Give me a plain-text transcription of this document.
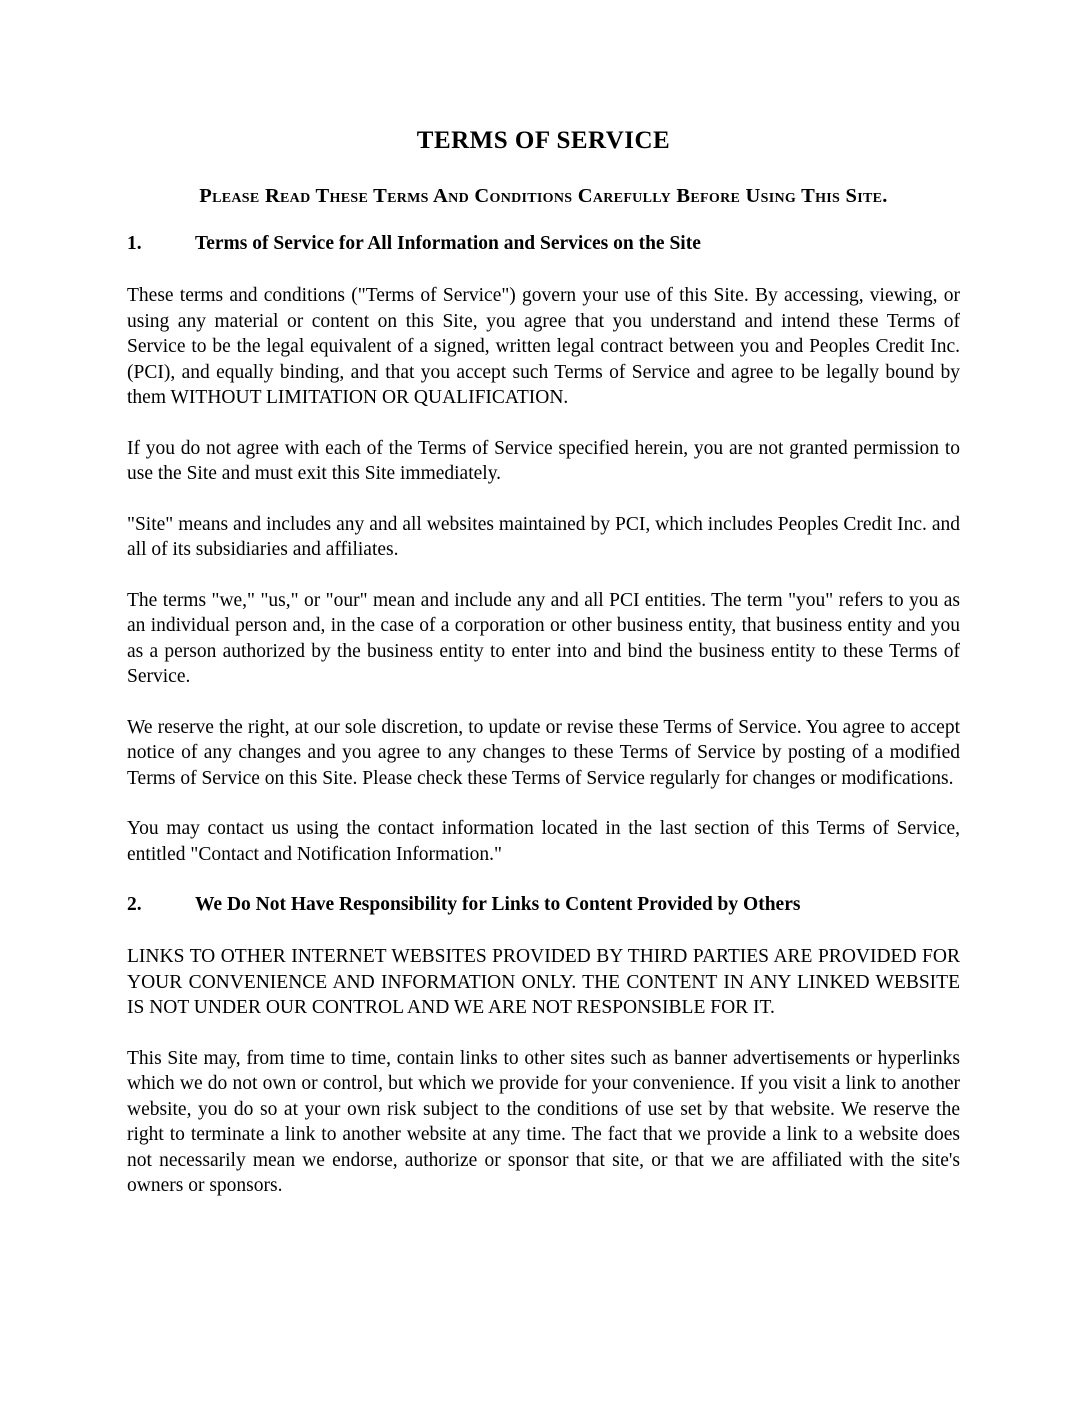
TERMS OF SERVICE
Please Read These Terms And Conditions Carefully Before Using This Site.
1.	Terms of Service for All Information and Services on the Site

These terms and conditions ("Terms of Service") govern your use of this Site. By accessing, viewing, or using any material or content on this Site, you agree that you understand and intend these Terms of Service to be the legal equivalent of a signed, written legal contract between you and Peoples Credit Inc. (PCI), and equally binding, and that you accept such Terms of Service and agree to be legally bound by them WITHOUT LIMITATION OR QUALIFICATION.

If you do not agree with each of the Terms of Service specified herein, you are not granted permission to use the Site and must exit this Site immediately.

"Site" means and includes any and all websites maintained by PCI, which includes Peoples Credit Inc. and all of its subsidiaries and affiliates.

The terms "we," "us," or "our" mean and include any and all PCI entities. The term "you" refers to you as an individual person and, in the case of a corporation or other business entity, that business entity and you as a person authorized by the business entity to enter into and bind the business entity to these Terms of Service.

We reserve the right, at our sole discretion, to update or revise these Terms of Service. You agree to accept notice of any changes and you agree to any changes to these Terms of Service by posting of a modified Terms of Service on this Site. Please check these Terms of Service regularly for changes or modifications.

You may contact us using the contact information located in the last section of this Terms of Service, entitled "Contact and Notification Information."

2.	We Do Not Have Responsibility for Links to Content Provided by Others

LINKS TO OTHER INTERNET WEBSITES PROVIDED BY THIRD PARTIES ARE PROVIDED FOR YOUR CONVENIENCE AND INFORMATION ONLY. THE CONTENT IN ANY LINKED WEBSITE IS NOT UNDER OUR CONTROL AND WE ARE NOT RESPONSIBLE FOR IT.

This Site may, from time to time, contain links to other sites such as banner advertisements or hyperlinks which we do not own or control, but which we provide for your convenience. If you visit a link to another website, you do so at your own risk subject to the conditions of use set by that website. We reserve the right to terminate a link to another website at any time. The fact that we provide a link to a website does not necessarily mean we endorse, authorize or sponsor that site, or that we are affiliated with the site's owners or sponsors.
